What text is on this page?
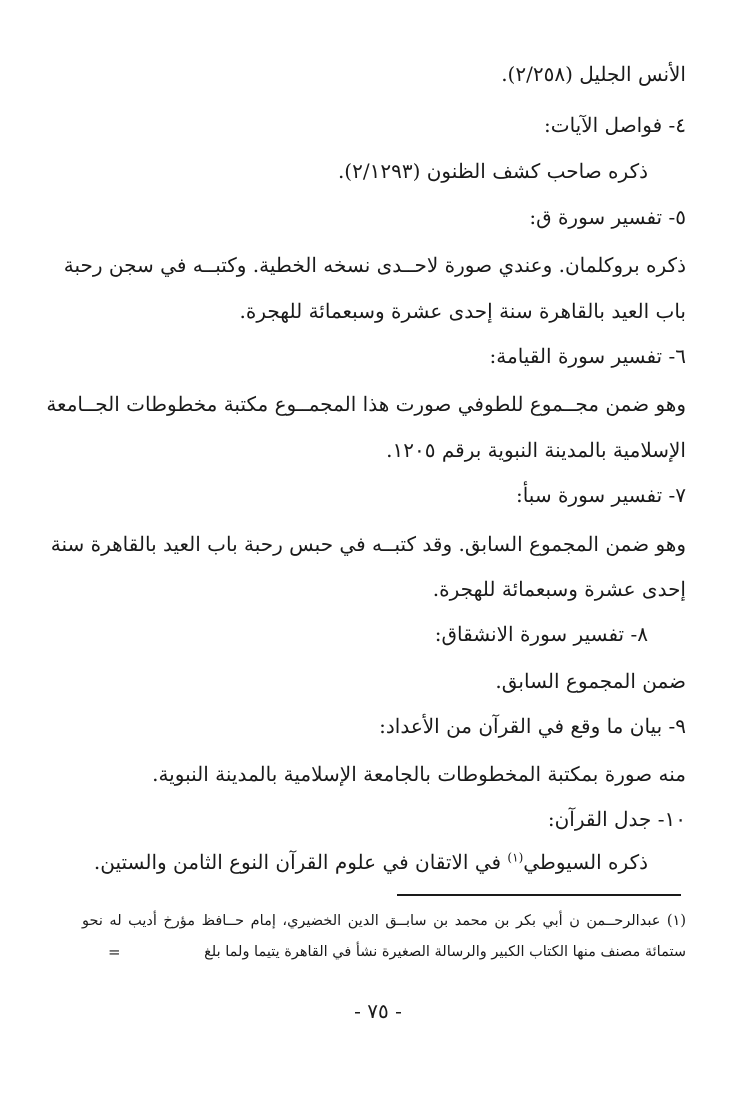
الأنس الجليل (٢/٢٥٨).
٤- فواصل الآيات:
ذكره صاحب كشف الظنون (٢/١٢٩٣).
٥- تفسير سورة ق:
ذكره بروكلمان. وعندي صورة لاحــدى نسخه الخطية. وكتبــه في سجن رحبة
باب العيد بالقاهرة سنة إحدى عشرة وسبعمائة للهجرة.
٦- تفسير سورة القيامة:
وهو ضمن مجــموع للطوفي صورت هذا المجمــوع مكتبة مخطوطات الجــامعة
الإسلامية بالمدينة النبوية برقم ١٢٠٥.
٧- تفسير سورة سبأ:
وهو ضمن المجموع السابق. وقد كتبــه في حبس رحبة باب العيد بالقاهرة سنة
إحدى عشرة وسبعمائة للهجرة.
٨- تفسير سورة الانشقاق:
ضمن المجموع السابق.
٩- بيان ما وقع في القرآن من الأعداد:
منه صورة بمكتبة المخطوطات بالجامعة الإسلامية بالمدينة النبوية.
١٠- جدل القرآن:
ذكره السيوطي$^{(١)}$ في الاتقان في علوم القرآن النوع الثامن والستين.
(١) عبدالرحــمن ن أبي بكر بن محمد بن سابــق الدين الخضيري، إمام حــافظ مؤرخ أديب له نحو
ستمائة مصنف منها الكتاب الكبير والرسالة الصغيرة نشأ في القاهرة يتيما ولما بلغ
=
- ٧٥ -
